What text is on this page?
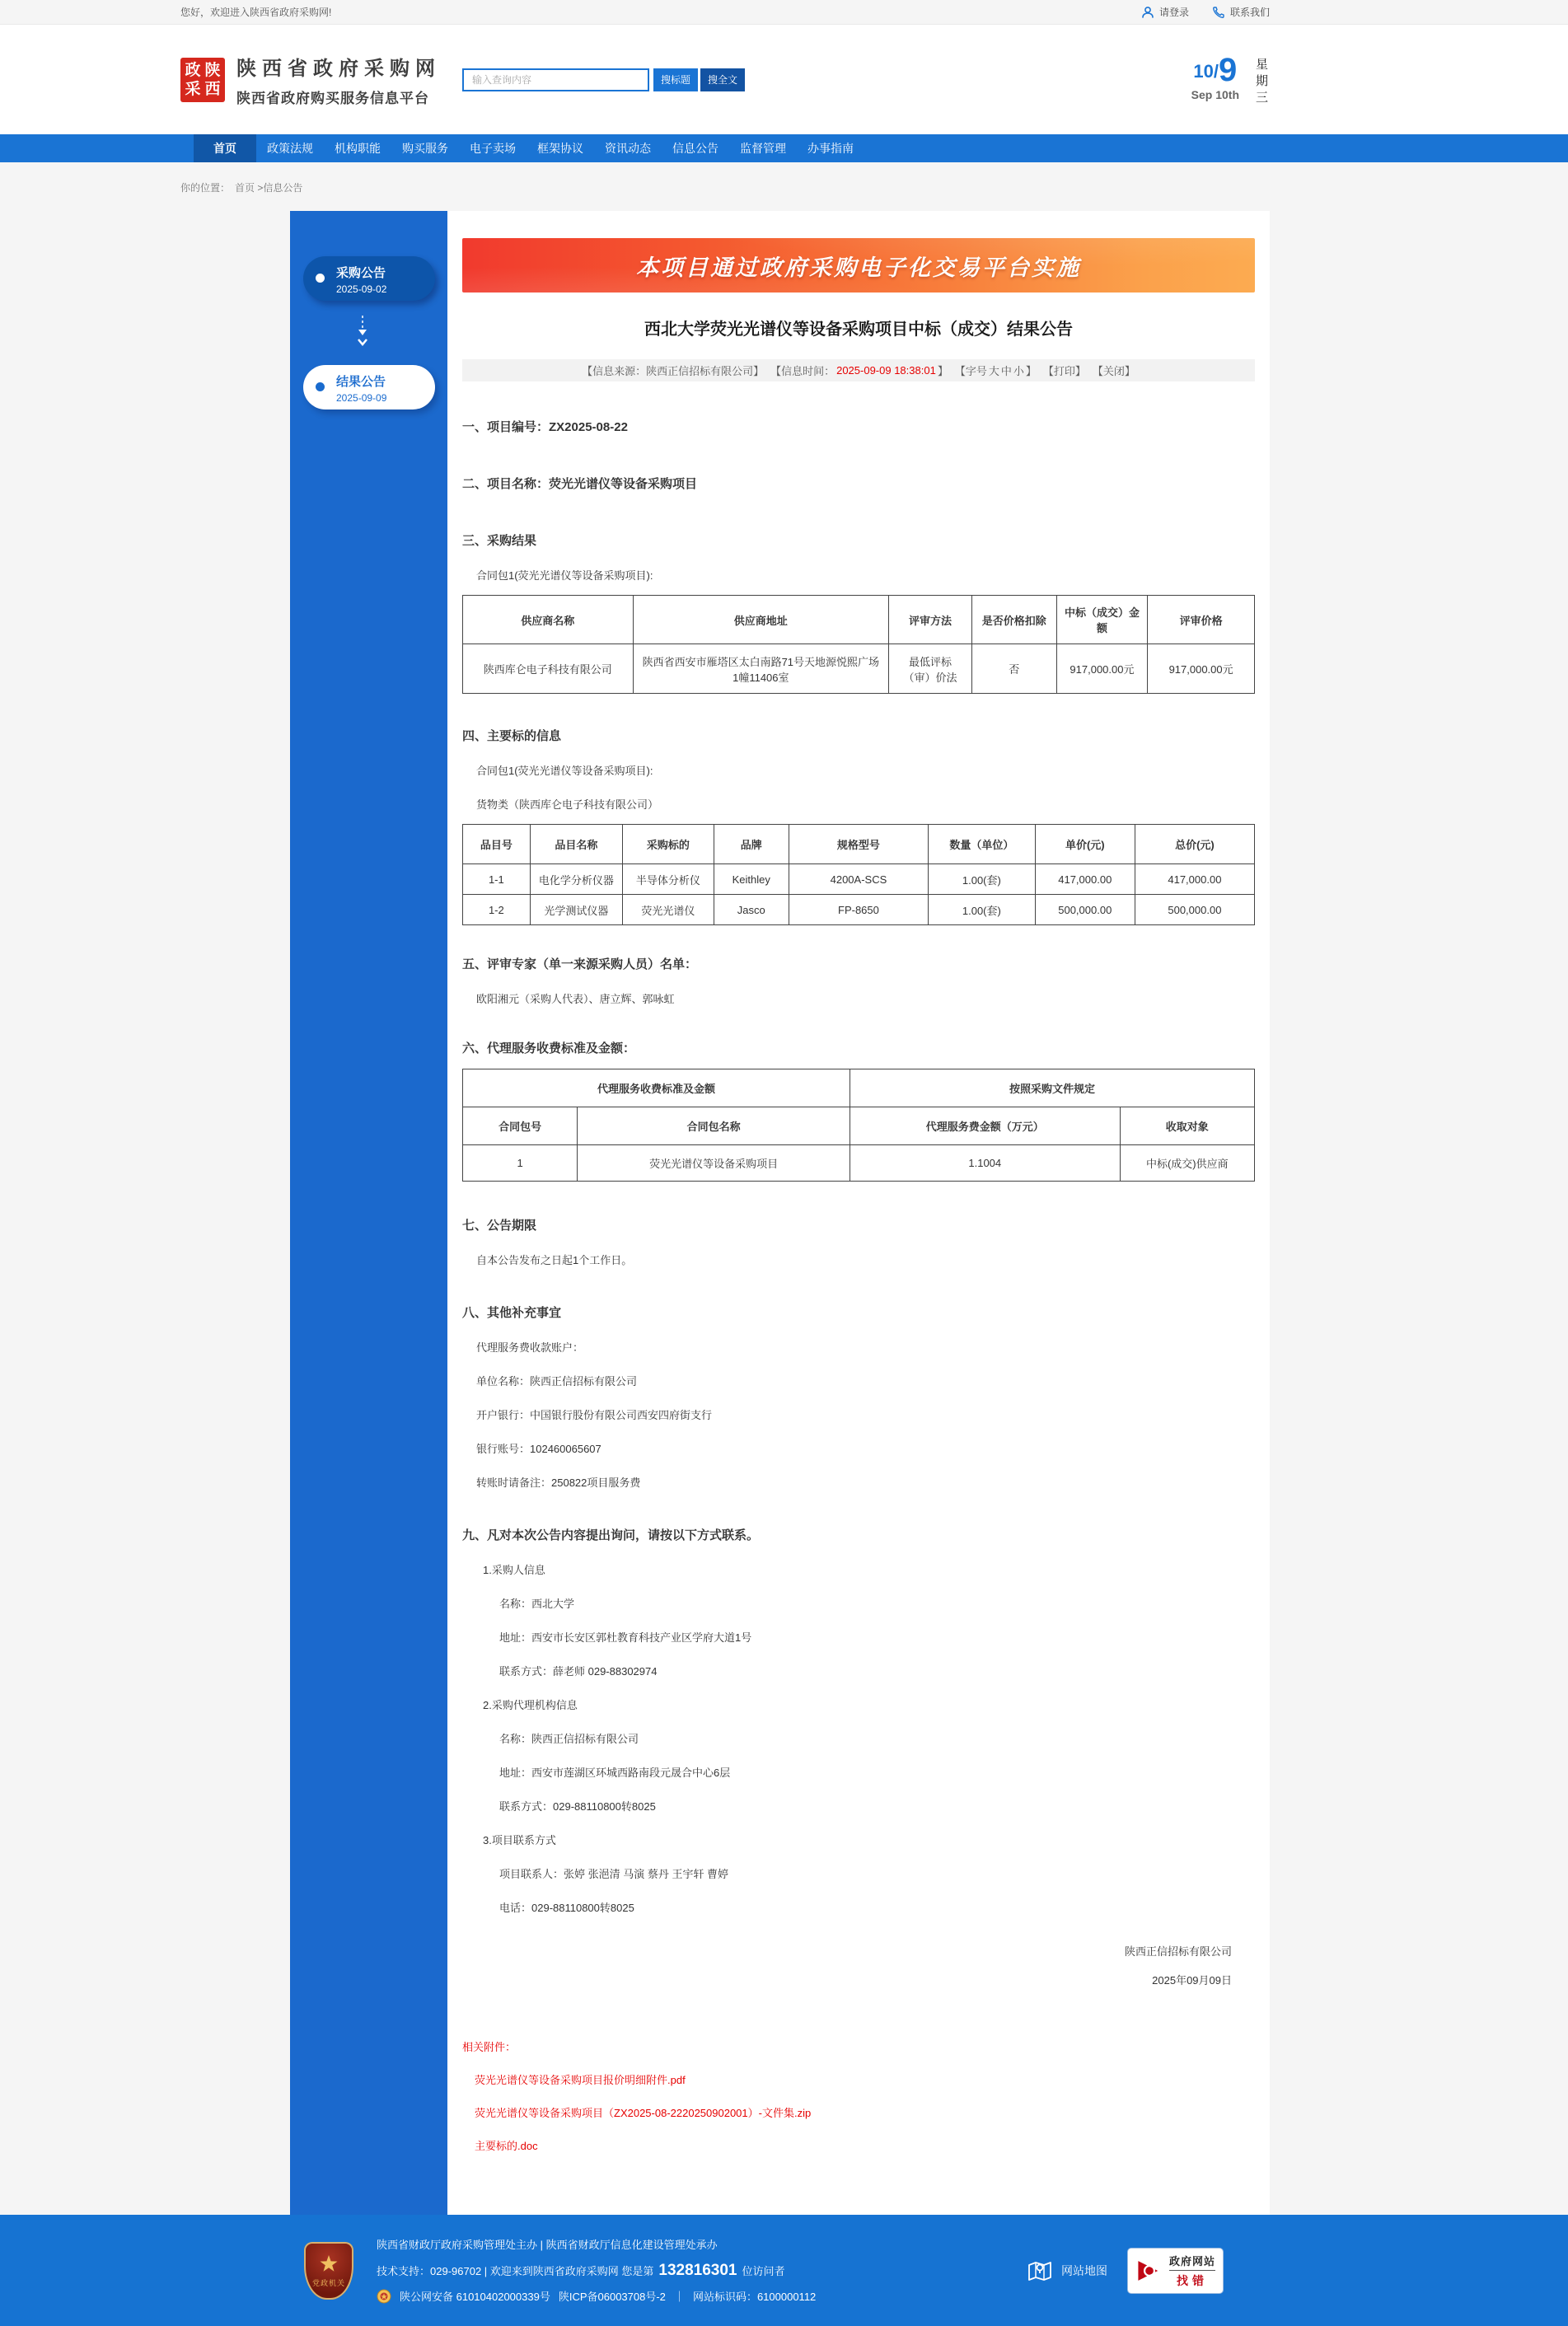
您好，欢迎进入陕西省政府采购网!	请登录	联系我们
政 陕
采 西
陕西省政府采购网
陕西省政府购买服务信息平台
输入查询内容
搜标题	搜全文	10/ 9
Sep 10th
星期三
首页	政策法规	机构职能	购买服务	电子卖场	框架协议	资讯动态	信息公告	监督管理	办事指南
你的位置： 首页 >信息公告
采购公告
2025-09-02
结果公告
2025-09-09
本项目通过政府采购电子化交易平台实施
西北大学荧光光谱仪等设备采购项目中标（成交）结果公告
【信息来源：陕西正信招标有限公司】 【信息时间： 2025-09-09 18:38:01 】 【字号 大 中 小 】 【打印】 【关闭】
一、项目编号：ZX2025-08-22
二、项目名称：荧光光谱仪等设备采购项目
三、采购结果

合同包1(荧光光谱仪等设备采购项目):

供应商名称	供应商地址	评审方法	是否价格扣除	中标（成交）金额	评审价格
陕西库仑电子科技有限公司	陕西省西安市雁塔区太白南路71号天地源悦熙广场1幢11406室	最低评标（审）价法	否	917,000.00元	917,000.00元
四、主要标的信息

合同包1(荧光光谱仪等设备采购项目):

货物类（陕西库仑电子科技有限公司）

品目号	品目名称	采购标的	品牌	规格型号	数量（单位）	单价(元)	总价(元)
1-1	电化学分析仪器	半导体分析仪	Keithley	4200A-SCS	1.00(套)	417,000.00	417,000.00
1-2	光学测试仪器	荧光光谱仪	Jasco	FP-8650	1.00(套)	500,000.00	500,000.00
五、评审专家（单一来源采购人员）名单：

欧阳湘元（采购人代表）、唐立辉、郭咏虹

六、代理服务收费标准及金额：
代理服务收费标准及金额		按照采购文件规定	
合同包号	合同包名称	代理服务费金额（万元）	收取对象
1	荧光光谱仪等设备采购项目	1.1004	中标(成交)供应商
七、公告期限

自本公告发布之日起1个工作日。

八、其他补充事宜

代理服务费收款账户：

单位名称：陕西正信招标有限公司

开户银行：中国银行股份有限公司西安四府街支行

银行账号：102460065607

转账时请备注：250822项目服务费

九、凡对本次公告内容提出询问，请按以下方式联系。

1.采购人信息

名称：西北大学

地址：西安市长安区郭杜教育科技产业区学府大道1号

联系方式：薛老师 029-88302974

2.采购代理机构信息

名称：陕西正信招标有限公司

地址：西安市莲湖区环城西路南段元晟合中心6层

联系方式：029-88110800转8025

3.项目联系方式

项目联系人：张婷 张浥清 马演 蔡丹 王宇轩 曹婷

电话：029-88110800转8025

陕西正信招标有限公司
2025年09月09日
相关附件：
荧光光谱仪等设备采购项目报价明细附件.pdf
荧光光谱仪等设备采购项目（ZX2025-08-2220250902001）-文件集.zip
主要标的.doc
党政机关
陕西省财政厅政府采购管理处主办 | 陕西省财政厅信息化建设管理处承办
技术支持：029-96702 | 欢迎来到陕西省政府采购网 您是第 132816301 位访问者
陕公网安备 61010402000339号 陕ICP备06003708号-2 ｜ 网站标识码：6100000112
网站地图
政府网站
找错
